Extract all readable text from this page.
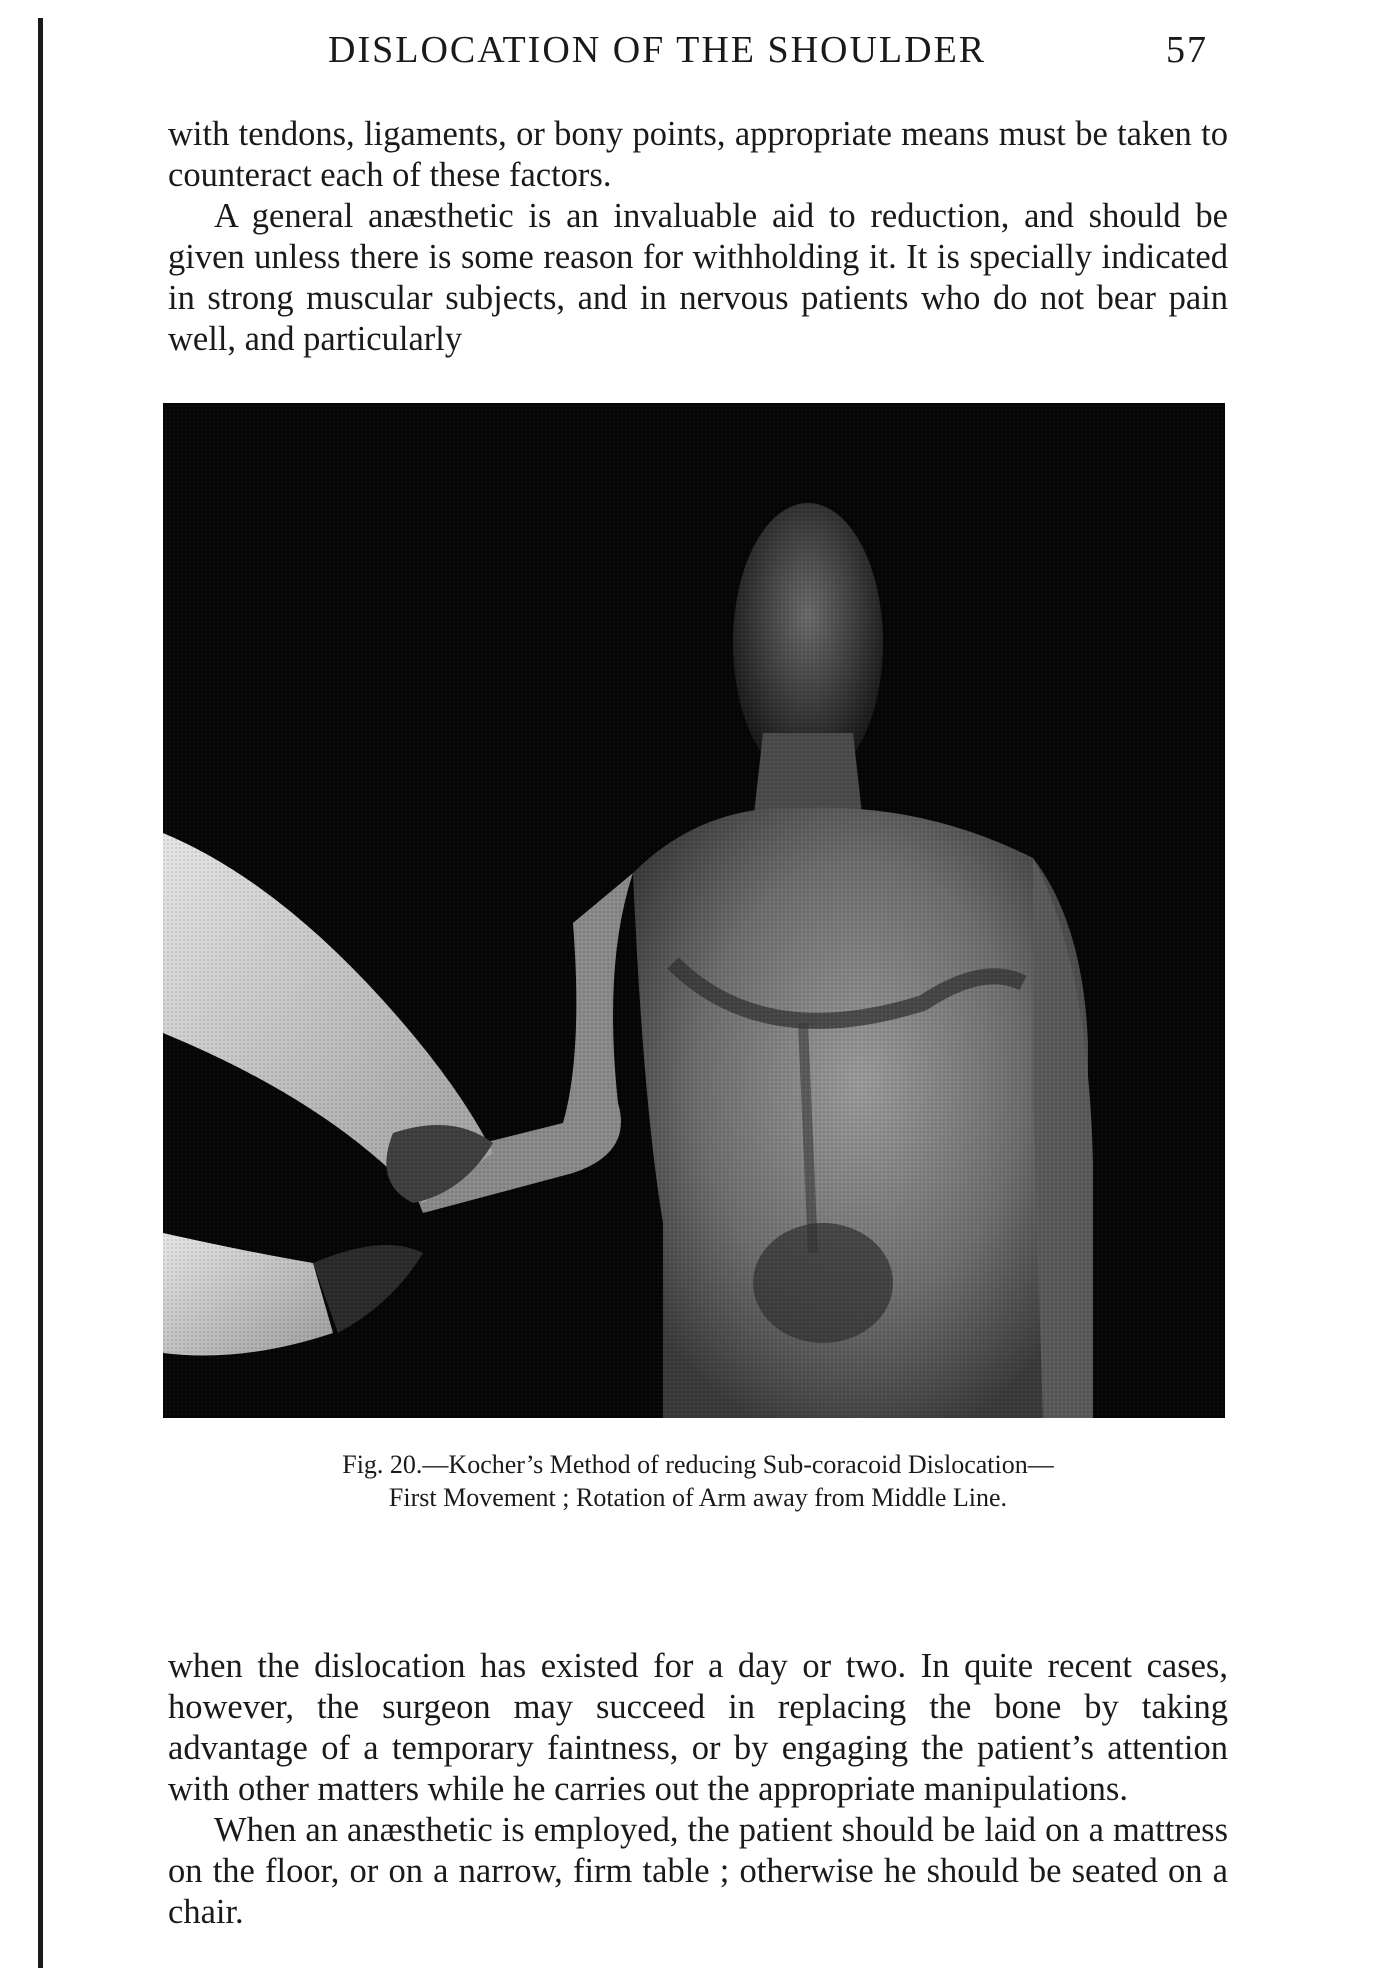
DISLOCATION OF THE SHOULDER	57

with tendons, ligaments, or bony points, appropriate means must be taken to counteract each of these factors.

A general anæsthetic is an invaluable aid to reduction, and should be given unless there is some reason for withholding it. It is specially indicated in strong muscular subjects, and in nervous patients who do not bear pain well, and particularly

Fig. 20.—Kocher’s Method of reducing Sub-coracoid Dislocation—
First Movement ; Rotation of Arm away from Middle Line.

when the dislocation has existed for a day or two. In quite recent cases, however, the surgeon may succeed in replacing the bone by taking advantage of a temporary faintness, or by engaging the patient’s attention with other matters while he carries out the appropriate manipulations.

When an anæsthetic is employed, the patient should be laid on a mattress on the floor, or on a narrow, firm table ; otherwise he should be seated on a chair.
